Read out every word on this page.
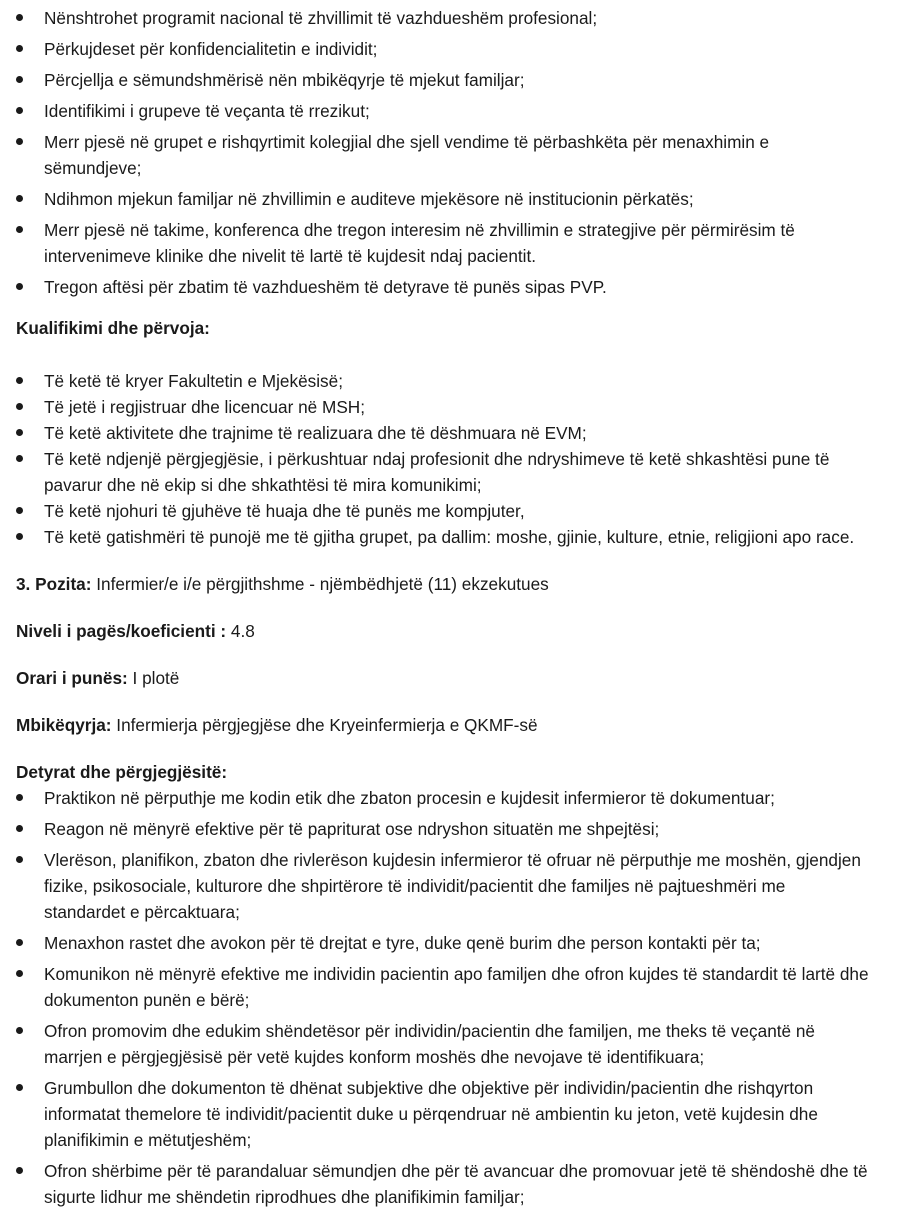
Nënshtrohet programit nacional të zhvillimit të vazhdueshëm profesional;
Përkujdeset për konfidencialitetin e individit;
Përcjellja e sëmundshmërisë nën mbikëqyrje të mjekut familjar;
Identifikimi i grupeve të veçanta të rrezikut;
Merr pjesë në grupet e rishqyrtimit kolegjial dhe sjell vendime të përbashkëta për menaxhimin e sëmundjeve;
Ndihmon mjekun familjar në zhvillimin e auditeve mjekësore në institucionin përkatës;
Merr pjesë në takime, konferenca dhe tregon interesim në zhvillimin e strategjive për përmirësim të intervenimeve klinike dhe nivelit të lartë të kujdesit ndaj pacientit.
Tregon aftësi për zbatim të vazhdueshëm të detyrave të punës sipas PVP.

Kualifikimi dhe përvoja:

Të ketë të kryer Fakultetin e Mjekësisë;
Të jetë i regjistruar dhe licencuar në MSH;
Të ketë aktivitete dhe trajnime të realizuara dhe të dëshmuara në EVM;
Të ketë ndjenjë përgjegjësie, i përkushtuar ndaj profesionit dhe ndryshimeve të ketë shkashtësi pune të pavarur dhe në ekip si dhe shkathtësi të mira komunikimi;
Të ketë njohuri të gjuhëve të huaja dhe të punës me kompjuter,
Të ketë gatishmëri të punojë me të gjitha grupet, pa dallim: moshe, gjinie, kulture, etnie, religjioni apo race.

3. Pozita: Infermier/e i/e përgjithshme - njëmbëdhjetë (11) ekzekutues

Niveli i pagës/koeficienti : 4.8

Orari i punës: I plotë

Mbikëqyrja: Infermierja përgjegjëse dhe Kryeinfermierja e QKMF-së

Detyrat dhe përgjegjësitë:

Praktikon në përputhje me kodin etik dhe zbaton procesin e kujdesit infermieror të dokumentuar;
Reagon në mënyrë efektive për të papriturat ose ndryshon situatën me shpejtësi;
Vlerëson, planifikon, zbaton dhe rivlerëson kujdesin infermieror të ofruar në përputhje me moshën, gjendjen fizike, psikosociale, kulturore dhe shpirtërore të individit/pacientit dhe familjes në pajtueshmëri me standardet e përcaktuara;
Menaxhon rastet dhe avokon për të drejtat e tyre, duke qenë burim dhe person kontakti për ta;
Komunikon në mënyrë efektive me individin pacientin apo familjen dhe ofron kujdes të standardit të lartë dhe dokumenton punën e bërë;
Ofron promovim dhe edukim shëndetësor për individin/pacientin dhe familjen, me theks të veçantë në marrjen e përgjegjësisë për vetë kujdes konform moshës dhe nevojave të identifikuara;
Grumbullon dhe dokumenton të dhënat subjektive dhe objektive për individin/pacientin dhe rishqyrton informatat themelore të individit/pacientit duke u përqendruar në ambientin ku jeton, vetë kujdesin dhe planifikimin e mëtutjeshëm;
Ofron shërbime për të parandaluar sëmundjen dhe për të avancuar dhe promovuar jetë të shëndoshë dhe të sigurte lidhur me shëndetin riprodhues dhe planifikimin familjar;
